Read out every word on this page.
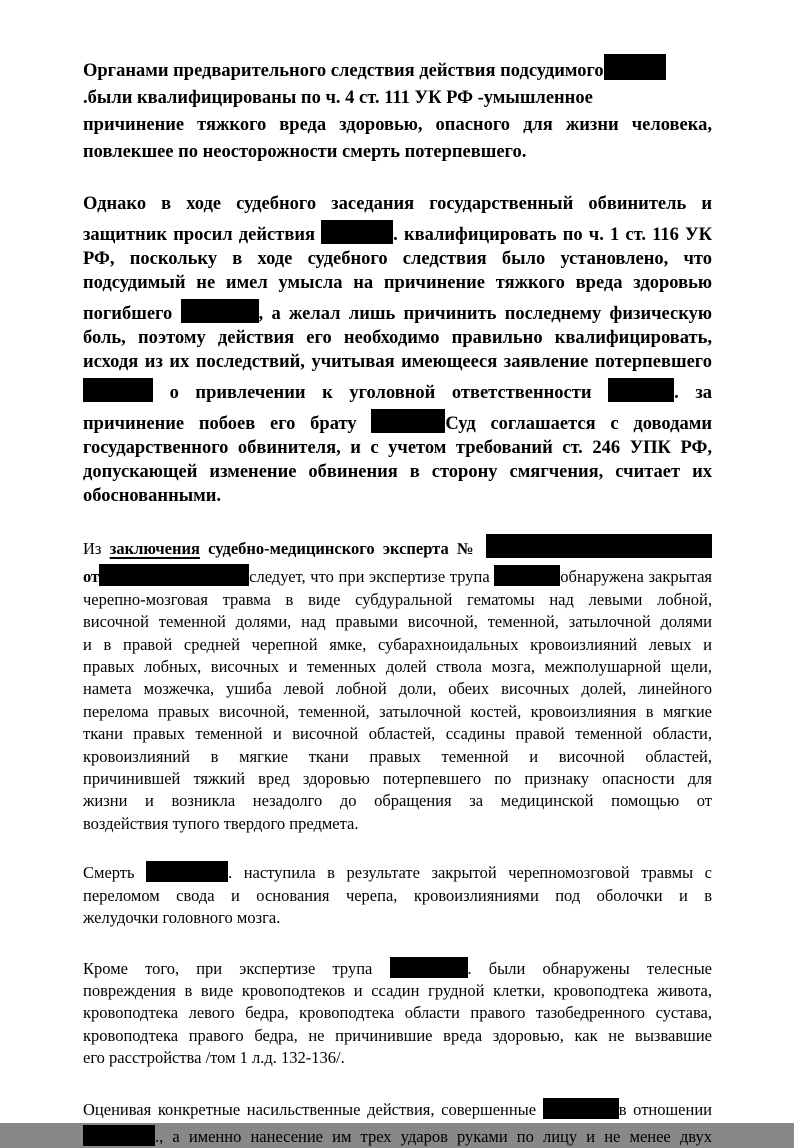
Органами предварительного следствия действия подсудимого
.были квалифицированы по ч. 4 ст. 111 УК РФ -умышленное
причинение тяжкого вреда здоровью, опасного для жизни человека,
повлекшее по неосторожности смерть потерпевшего.
Однако в ходе судебного заседания государственный обвинитель и
защитник просил действия	. квалифицировать по ч. 1 ст. 116 УК
РФ, поскольку в ходе судебного следствия было установлено, что
подсудимый не имел умысла на причинение тяжкого вреда здоровью
погибшего	, а желал лишь причинить последнему физическую
боль, поэтому действия его необходимо правильно квалифицировать,
исходя из их последствий, учитывая имеющееся заявление потерпевшего
о привлечении к уголовной ответственности	. за
причинение побоев его брату	Суд соглашается с доводами
государственного обвинителя, и с учетом требований ст. 246 УПК РФ,
допускающей изменение обвинения в сторону смягчения, считает их
обоснованными.
Из заключения судебно-медицинского эксперта №
от	следует, что при экспертизе трупа	обнаружена закрытая
черепно-мозговая травма в виде субдуральной гематомы над левыми лобной,
височной теменной долями, над правыми височной, теменной, затылочной долями
и в правой средней черепной ямке, субарахноидальных кровоизлияний левых и
правых лобных, височных и теменных долей ствола мозга, межполушарной щели,
намета мозжечка, ушиба левой лобной доли, обеих височных долей, линейного
перелома правых височной, теменной, затылочной костей, кровоизлияния в мягкие
ткани правых теменной и височной областей, ссадины правой теменной области,
кровоизлияний в мягкие ткани правых теменной и височной областей,
причинившей тяжкий вред здоровью потерпевшего по признаку опасности для
жизни и возникла незадолго до обращения за медицинской помощью от
воздействия тупого твердого предмета.
Смерть	. наступила в результате закрытой черепномозговой травмы с
переломом свода и основания черепа, кровоизлияниями под оболочки и в
желудочки головного мозга.
Кроме того, при экспертизе трупа	. были обнаружены телесные
повреждения в виде кровоподтеков и ссадин грудной клетки, кровоподтека живота,
кровоподтека левого бедра, кровоподтека области правого тазобедренного сустава,
кровоподтека правого бедра, не причинившие вреда здоровью, как не вызвавшие
его расстройства /том 1 л.д. 132-136/.
Оценивая конкретные насильственные действия, совершенные	в отношении
., а именно нанесение им трех ударов руками по лицу и не менее двух
